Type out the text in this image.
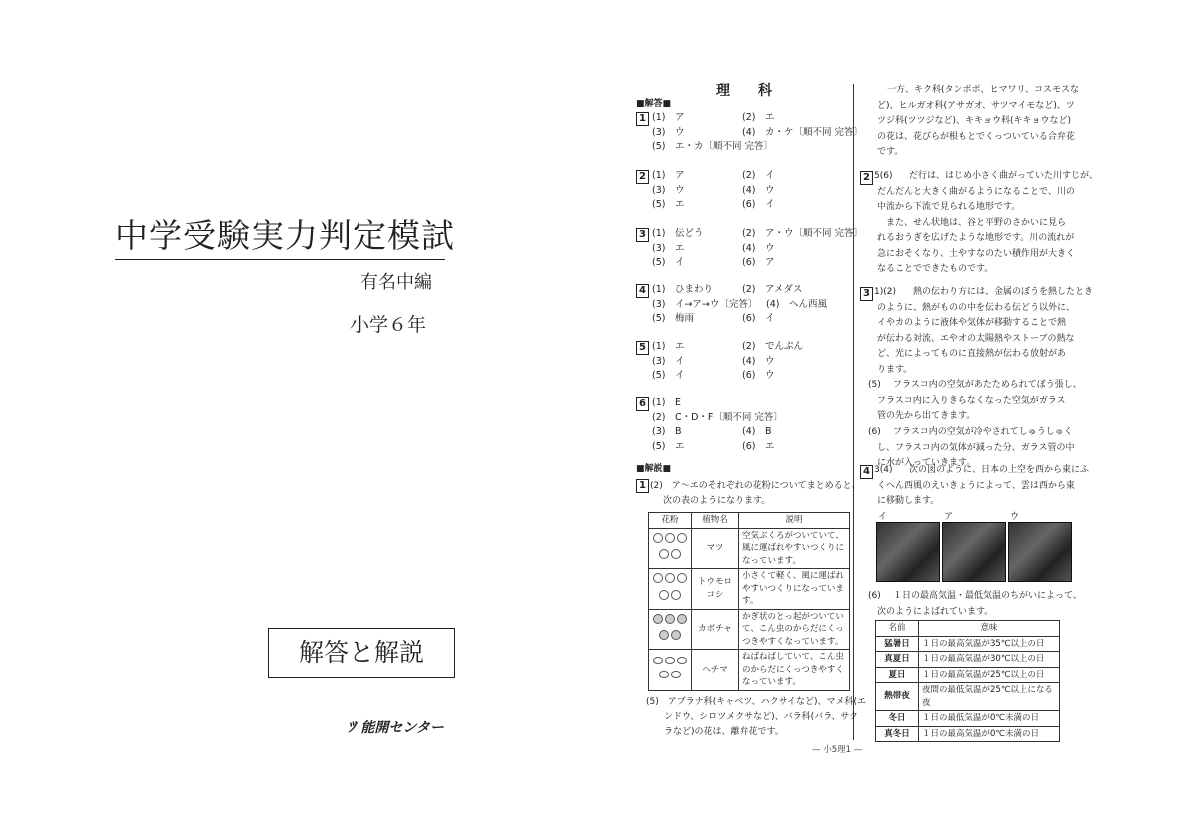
中学受験実力判定模試
有名中編
小学６年
解答と解説
ﾂ 能開センター
理　　科
■解答■
■解説■
1 (2)　 ア〜エのそれぞれの花粉についてまとめると、
　　　次の表のようになります。
花粉	植物名	説明
	マツ	空気ぶくろがついていて、風に運ばれやすいつくりになっています。
	トウモロコシ	小さくて軽く、風に運ばれやすいつくりになっています。
	カボチャ	かぎ状のとっ起がついていて、こん虫のからだにくっつきやすくなっています。
	ヘチマ	ねばねばしていて、こん虫のからだにくっつきやすくなっています。
(5)　 アブラナ科(キャベツ、ハクサイなど)、マメ科(エ
　　ンドウ、シロツメクサなど)、バラ科(バラ、サク
　　ラなど)の花は、離弁花です。
名前	意味
猛暑日	１日の最高気温が35℃以上の日
真夏日	１日の最高気温が30℃以上の日
夏日	１日の最高気温が25℃以上の日
熱帯夜	夜間の最低気温が25℃以上になる夜
冬日	１日の最低気温が0℃未満の日
真冬日	１日の最高気温が0℃未満の日
— 小5理1 —
1 (1)　ア	(2)　エ
(3)　ウ	(4)　カ・ケ〔順不同 完答〕
(5)　エ・カ〔順不同 完答〕
2 (1)　ア	(2)　イ
(3)　ウ	(4)　ウ
(5)　エ	(6)　イ
3 (1)　伝どう	(2)　ア・ウ〔順不同 完答〕
(3)　エ	(4)　ウ
(5)　イ	(6)　ア
4 (1)　ひまわり	(2)　アメダス
(3)　イ→ア→ウ〔完答〕 (4)　へん西風
(5)　梅雨	(6)　イ
5 (1)　エ	(2)　でんぷん
(3)　イ	(4)　ウ
(5)　イ	(6)　ウ
6 (1)　E
(2)　C・D・F〔順不同 完答〕
(3)　B	(4)　B
(5)　エ	(6)　エ
一方、キク科(タンポポ、ヒマワリ、コスモスな
ど)、ヒルガオ科(アサガオ、サツマイモなど)、ツ
ツジ科(ツツジなど)、キキョウ科(キキョウなど)
の花は、花びらが根もとでくっついている合弁花
です。
2 5(6) だ行は、はじめ小さく曲がっていた川すじが、
だんだんと大きく曲がるようになることで、川の
中流から下流で見られる地形です。
　また、せん状地は、谷と平野のさかいに見ら
れるおうぎを広げたような地形です。川の流れが
急におそくなり、土やすなのたい積作用が大きく
なることでできたものです。
3 1)(2) 熱の伝わり方には、金属のぼうを熱したとき
のように、熱がものの中を伝わる伝どう以外に、
イやカのように液体や気体が移動することで熱
が伝わる対流、エやオの太陽熱やストーブの熱な
ど、光によってものに直接熱が伝わる放射があ
ります。
(5) フラスコ内の空気があたためられてぼう張し、
フラスコ内に入りきらなくなった空気がガラス
管の先から出てきます。
(6) フラスコ内の空気が冷やされてしゅうしゅく
し、フラスコ内の気体が減った分、ガラス管の中
に水が入っていきます。
4 3(4) 次の図のように、日本の上空を西から東にふ
くへん西風のえいきょうによって、雲は西から東
に移動します。
イ	ア	ウ
(6) １日の最高気温・最低気温のちがいによって、
次のようによばれています。
